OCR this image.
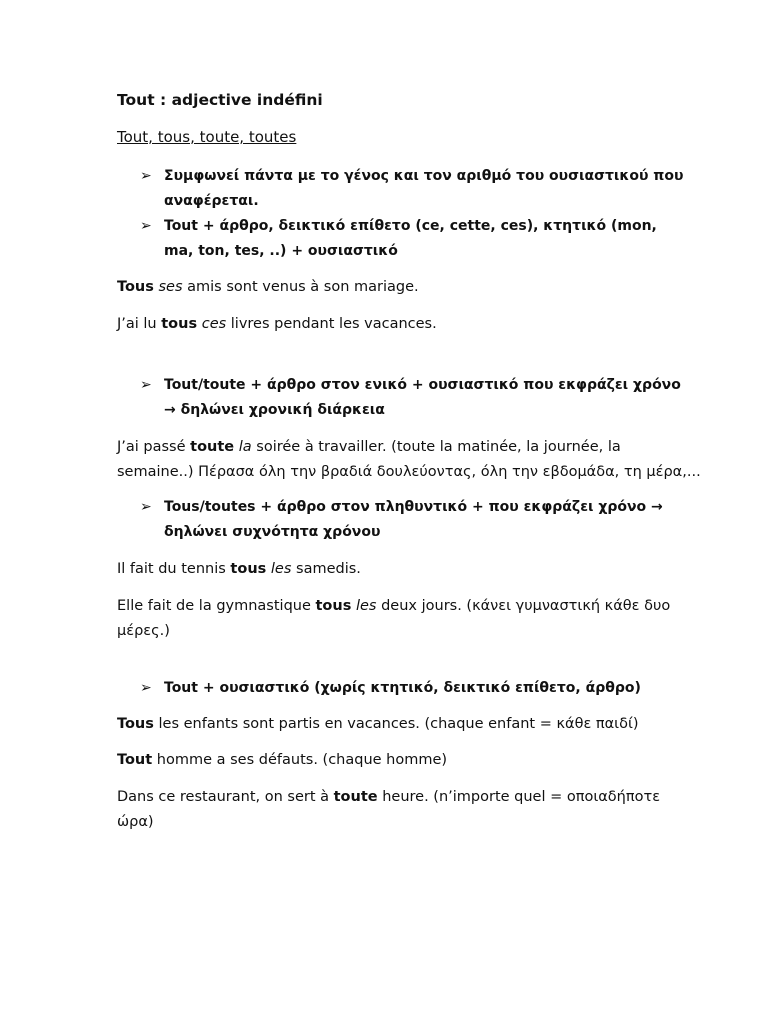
Tout : adjective indéfini
Tout, tous, toute, toutes
➢ Συμφωνεί πάντα με το γένος και τον αριθμό του ουσιαστικού που
αναφέρεται.
➢ Tout + άρθρο, δεικτικό επίθετο (ce, cette, ces), κτητικό (mon,
ma, ton, tes, ..) + ουσιαστικό
Tous ses amis sont venus à son mariage.
J’ai lu tous ces livres pendant les vacances.
➢ Tout/toute + άρθρο στον ενικό + ουσιαστικό που εκφράζει χρόνο
→ δηλώνει χρονική διάρκεια
J’ai passé toute la soirée à travailler. (toute la matinée, la journée, la
semaine..) Πέρασα όλη την βραδιά δουλεύοντας, όλη την εβδομάδα, τη μέρα,...
➢ Tous/toutes + άρθρο στον πληθυντικό + που εκφράζει χρόνο →
δηλώνει συχνότητα χρόνου
Il fait du tennis tous les samedis.
Elle fait de la gymnastique tous les deux jours. (κάνει γυμναστική κάθε δυο
μέρες.)
➢ Tout + ουσιαστικό (χωρίς κτητικό, δεικτικό επίθετο, άρθρο)
Tous les enfants sont partis en vacances. (chaque enfant = κάθε παιδί)
Tout homme a ses défauts. (chaque homme)
Dans ce restaurant, on sert à toute heure. (n’importe quel = οποιαδήποτε
ώρα)
